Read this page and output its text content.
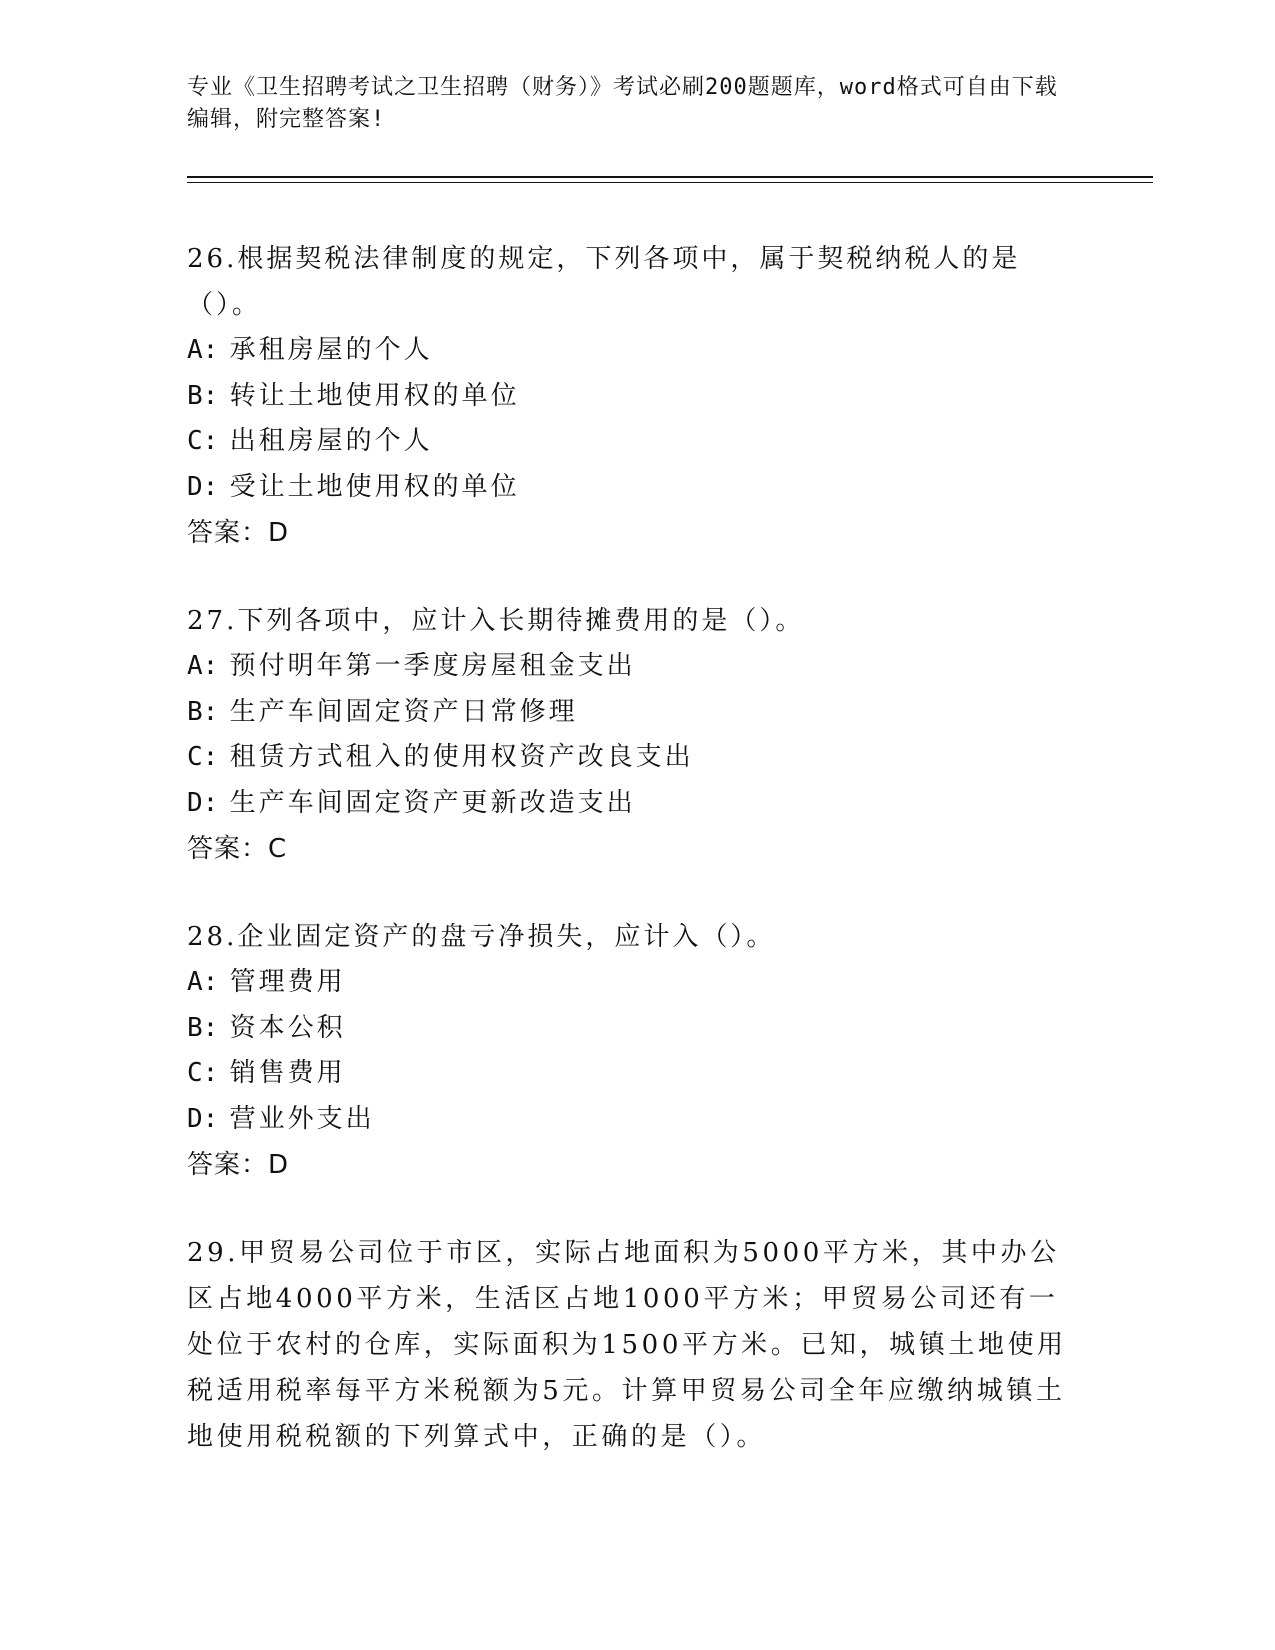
专业《卫生招聘考试之卫生招聘（财务）》考试必刷200题题库，word格式可自由下载编辑，附完整答案!

26.根据契税法律制度的规定，下列各项中，属于契税纳税人的是（）。

A: 承租房屋的个人

B: 转让土地使用权的单位

C: 出租房屋的个人

D: 受让土地使用权的单位

答案：D

27.下列各项中，应计入长期待摊费用的是（）。

A: 预付明年第一季度房屋租金支出

B: 生产车间固定资产日常修理

C: 租赁方式租入的使用权资产改良支出

D: 生产车间固定资产更新改造支出

答案：C

28.企业固定资产的盘亏净损失，应计入（）。

A: 管理费用

B: 资本公积

C: 销售费用

D: 营业外支出

答案：D

29.甲贸易公司位于市区，实际占地面积为5000平方米，其中办公区占地4000平方米，生活区占地1000平方米；甲贸易公司还有一处位于农村的仓库，实际面积为1500平方米。已知，城镇土地使用税适用税率每平方米税额为5元。计算甲贸易公司全年应缴纳城镇土地使用税税额的下列算式中，正确的是（）。
